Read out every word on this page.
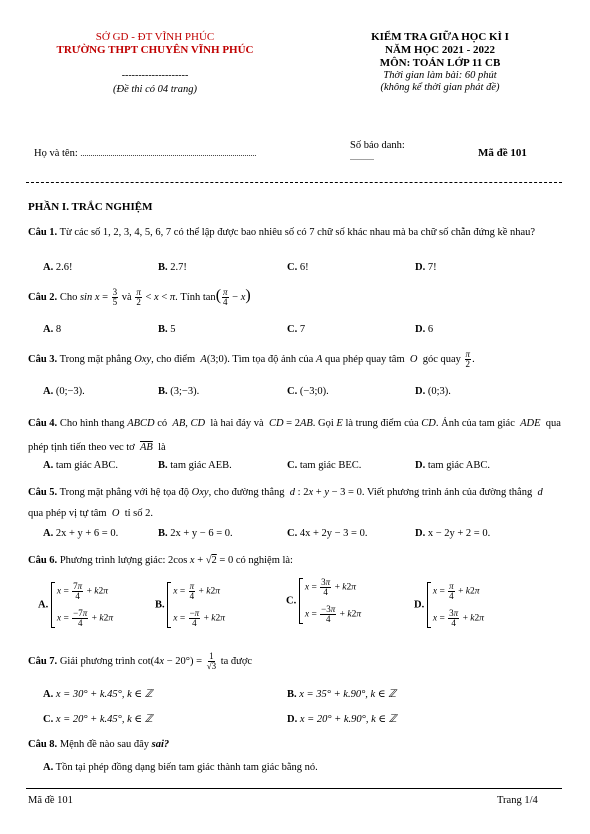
SỞ GD - ĐT VĨNH PHÚC
TRƯỜNG THPT CHUYÊN VĨNH PHÚC
--------------------
(Đề thi có 04 trang)
KIỂM TRA GIỮA HỌC KÌ I
NĂM HỌC 2021 - 2022
MÔN: TOÁN LỚP 11 CB
Thời gian làm bài: 60 phút
(không kể thời gian phát đề)
Họ và tên: ........................................................................................
Số báo danh:
............	Mã đề 101
PHẦN I. TRẮC NGHIỆM
Câu 1. Từ các số 1, 2, 3, 4, 5, 6, 7 có thể lập được bao nhiêu số có 7 chữ số khác nhau mà ba chữ số chẵn đứng kề nhau?
A. 2.6!	B. 2.7!	C. 6!	D. 7!
Câu 2. Cho $\sin x = \frac{3}{5}$ và $\frac{\pi}{2} < x < \pi$. Tính $\tan( \frac{\pi}{4} - x)$
A. 8	B. 5	C. 7	D. 6
Câu 3. Trong mặt phẳng Oxy, cho điểm  A(3;0). Tìm tọa độ ảnh của A qua phép quay tâm  O  góc quay $\frac{\pi}{2}$ .
A. (0;−3).	B. (3;−3).	C. (−3;0).	D. (0;3).
Câu 4. Cho hình thang ABCD có  AB, CD  là hai đáy và  CD = 2AB. Gọi E là trung điểm của CD. Ảnh của tam giác  ADE  qua phép tịnh tiến theo vec tơ  $\overline{AB}$  là
A. tam giác ABC.	B. tam giác AEB.	C. tam giác BEC.	D. tam giác ABC.
Câu 5. Trong mặt phẳng với hệ tọa độ Oxy, cho đường thẳng  d : 2x + y − 3 = 0. Viết phương trình ảnh của đường thẳng  d  qua phép vị tự tâm  O  tỉ số 2.
A. 2x + y + 6 = 0.	B. 2x + y − 6 = 0.	C. 4x + 2y − 3 = 0.	D. x − 2y + 2 = 0.
Câu 6. Phương trình lượng giác: 2cos x + √2 = 0 có nghiệm là:
A.
$x = \frac{7\pi}{4} + k2\pi$
$x = \frac{-7\pi}{4} + k2\pi$
B.
$x = \frac{\pi}{4} + k2\pi$
$x = \frac{-\pi}{4} + k2\pi$
C.
$x = \frac{3\pi}{4} + k2\pi$
$x = \frac{-3\pi}{4} + k2\pi$
D.
$x = \frac{\pi}{4} + k2\pi$
$x = \frac{3\pi}{4} + k2\pi$
Câu 7. Giải phương trình $\cot(4x - 20^\circ) = \frac{1}{√3}$ ta được
A. x = 30° + k.45°, k ∈ ℤ	B. x = 35° + k.90°, k ∈ ℤ
C. x = 20° + k.45°, k ∈ ℤ	D. x = 20° + k.90°, k ∈ ℤ
Câu 8. Mệnh đề nào sau đây sai?
A. Tồn tại phép đồng dạng biến tam giác thành tam giác bằng nó.
Mã đề 101	Trang 1/4
